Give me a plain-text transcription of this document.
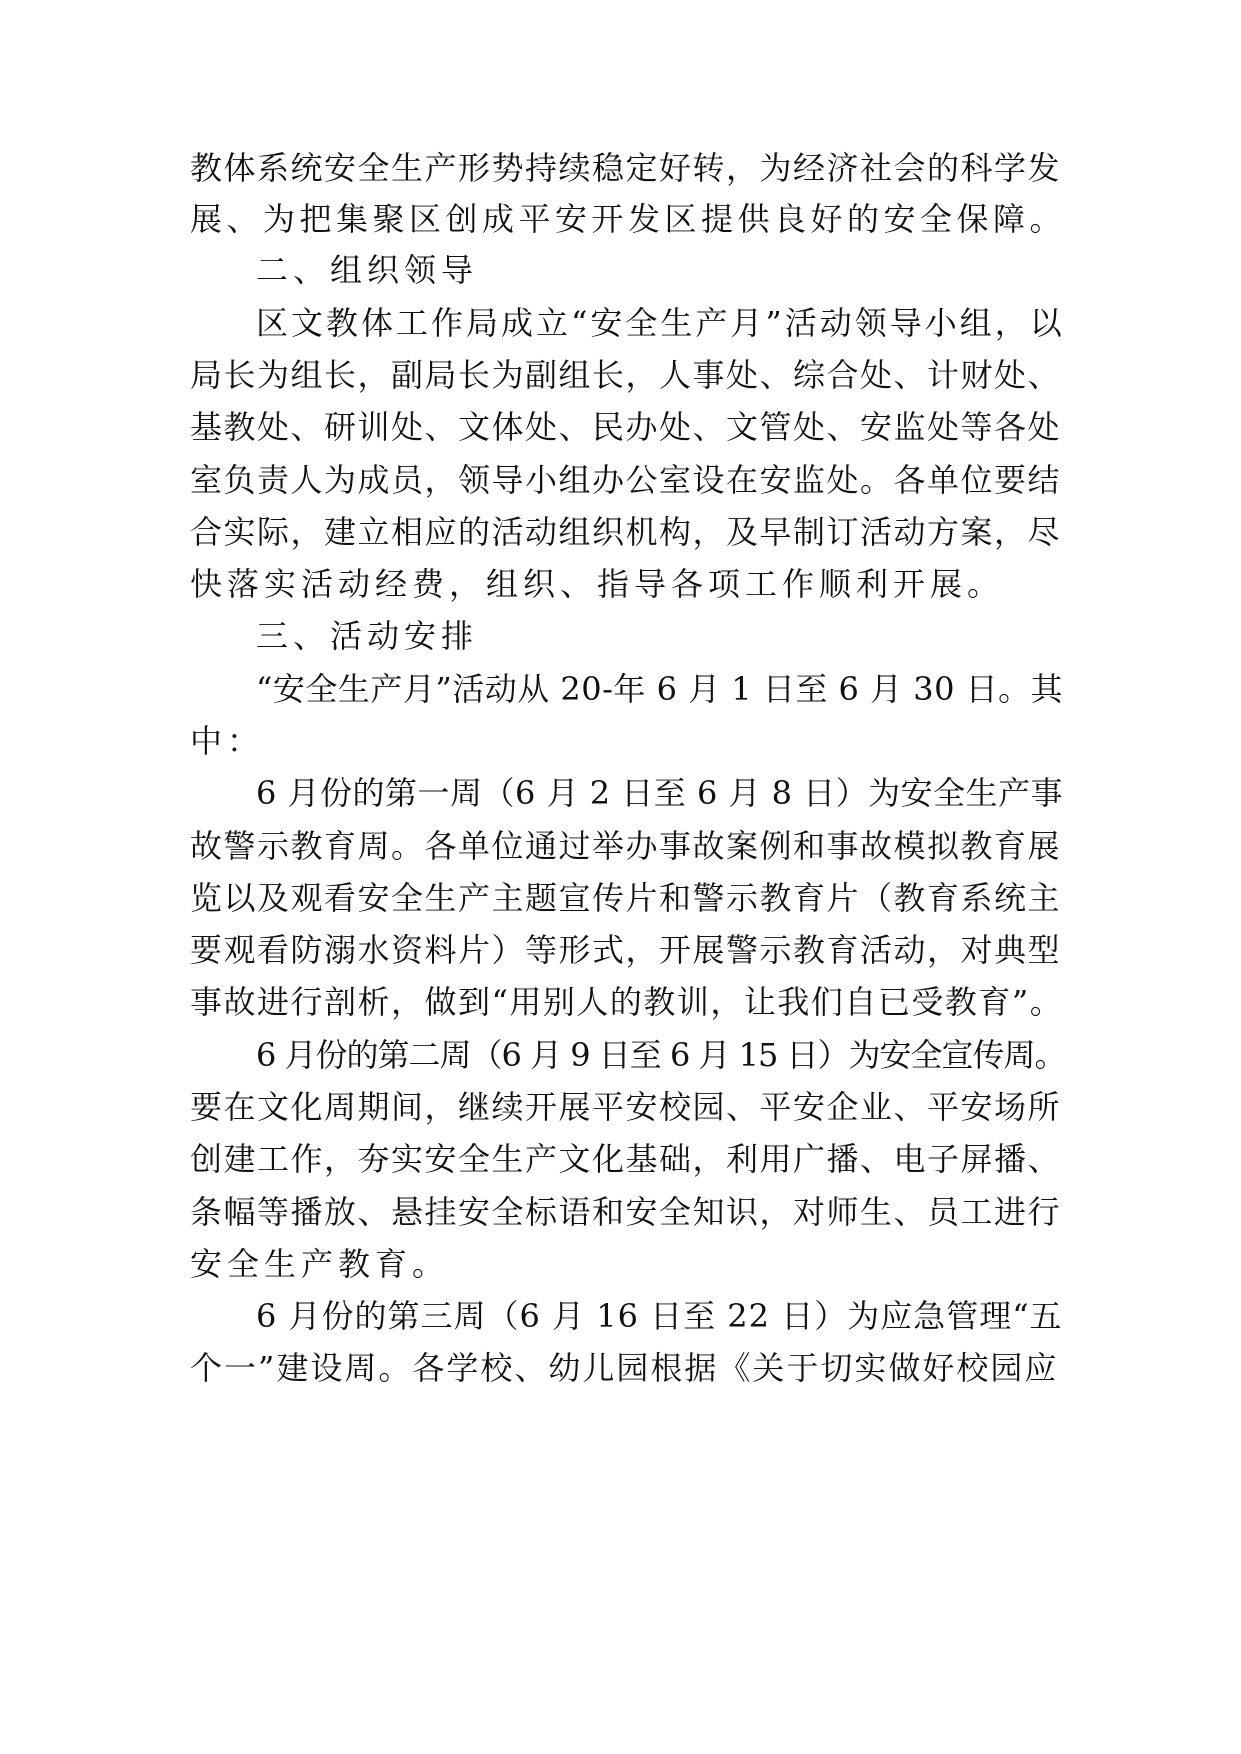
教体系统安全生产形势持续稳定好转，为经济社会的科学发
展、为把集聚区创成平安开发区提供良好的安全保障。
二、组织领导
区文教体工作局成立“安全生产月”活动领导小组，以
局长为组长，副局长为副组长，人事处、综合处、计财处、
基教处、研训处、文体处、民办处、文管处、安监处等各处
室负责人为成员，领导小组办公室设在安监处。各单位要结
合实际，建立相应的活动组织机构，及早制订活动方案，尽
快落实活动经费，组织、指导各项工作顺利开展。
三、活动安排
“安全生产月”活动从 20-年 6 月 1 日至 6 月 30 日。其
中：
6 月份的第一周（6 月 2 日至 6 月 8 日）为安全生产事
故警示教育周。各单位通过举办事故案例和事故模拟教育展
览以及观看安全生产主题宣传片和警示教育片（教育系统主
要观看防溺水资料片）等形式，开展警示教育活动，对典型
事故进行剖析，做到“用别人的教训，让我们自已受教育”。
6 月份的第二周（6 月 9 日至 6 月 15 日）为安全宣传周。
要在文化周期间，继续开展平安校园、平安企业、平安场所
创建工作，夯实安全生产文化基础，利用广播、电子屏播、
条幅等播放、悬挂安全标语和安全知识，对师生、员工进行
安全生产教育。
6 月份的第三周（6 月 16 日至 22 日）为应急管理“五
个一”建设周。各学校、幼儿园根据《关于切实做好校园应
